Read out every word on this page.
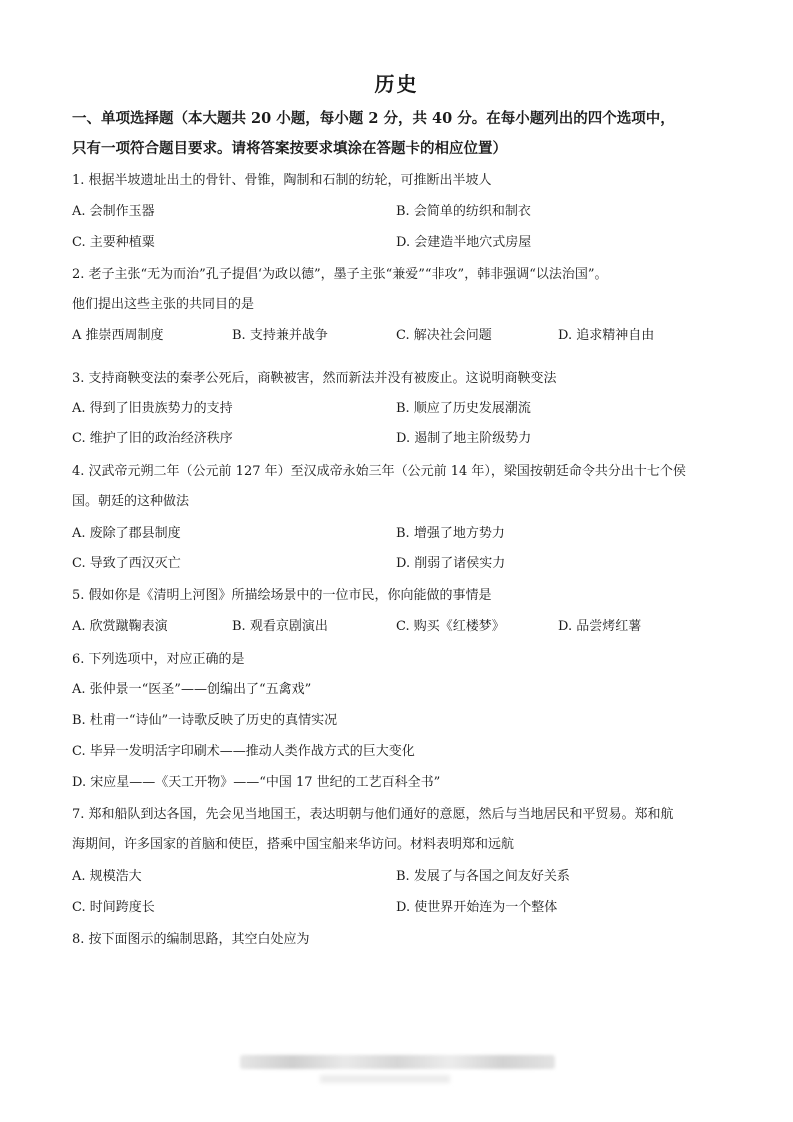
历史
一、单项选择题（本大题共 20 小题，每小题 2 分，共 40 分。在每小题列出的四个选项中，
只有一项符合题目要求。请将答案按要求填涂在答题卡的相应位置）
1. 根据半坡遗址出土的骨针、骨锥，陶制和石制的纺轮，可推断出半坡人
A. 会制作玉器	B. 会简单的纺织和制衣
C. 主要种植粟	D. 会建造半地穴式房屋
2. 老子主张“无为而治”孔子提倡‘为政以德”，墨子主张“兼爱”“非攻”，韩非强调“以法治国”。
他们提出这些主张的共同目的是
A 推崇西周制度	B. 支持兼并战争	C. 解决社会问题	D. 追求精神自由
3. 支持商鞅变法的秦孝公死后，商鞅被害，然而新法并没有被废止。这说明商鞅变法
A. 得到了旧贵族势力的支持	B. 顺应了历史发展潮流
C. 维护了旧的政治经济秩序	D. 遏制了地主阶级势力
4. 汉武帝元朔二年（公元前 127 年）至汉成帝永始三年（公元前 14 年），梁国按朝廷命令共分出十七个侯
国。朝廷的这种做法
A. 废除了郡县制度	B. 增强了地方势力
C. 导致了西汉灭亡	D. 削弱了诸侯实力
5. 假如你是《清明上河图》所描绘场景中的一位市民，你向能做的事情是
A. 欣赏蹴鞠表演	B. 观看京剧演出	C. 购买《红楼梦》	D. 品尝烤红薯
6. 下列选项中，对应正确的是
A. 张仲景一“医圣”——创编出了“五禽戏”
B. 杜甫一“诗仙”一诗歌反映了历史的真情实况
C. 毕异一发明活字印刷术——推动人类作战方式的巨大变化
D. 宋应星——《天工开物》——“中国 17 世纪的工艺百科全书”
7. 郑和船队到达各国，先会见当地国王，表达明朝与他们通好的意愿，然后与当地居民和平贸易。郑和航
海期间，许多国家的首脑和使臣，搭乘中国宝船来华访问。材料表明郑和远航
A. 规模浩大	B. 发展了与各国之间友好关系
C. 时间跨度长	D. 使世界开始连为一个整体
8. 按下面图示的编制思路，其空白处应为
